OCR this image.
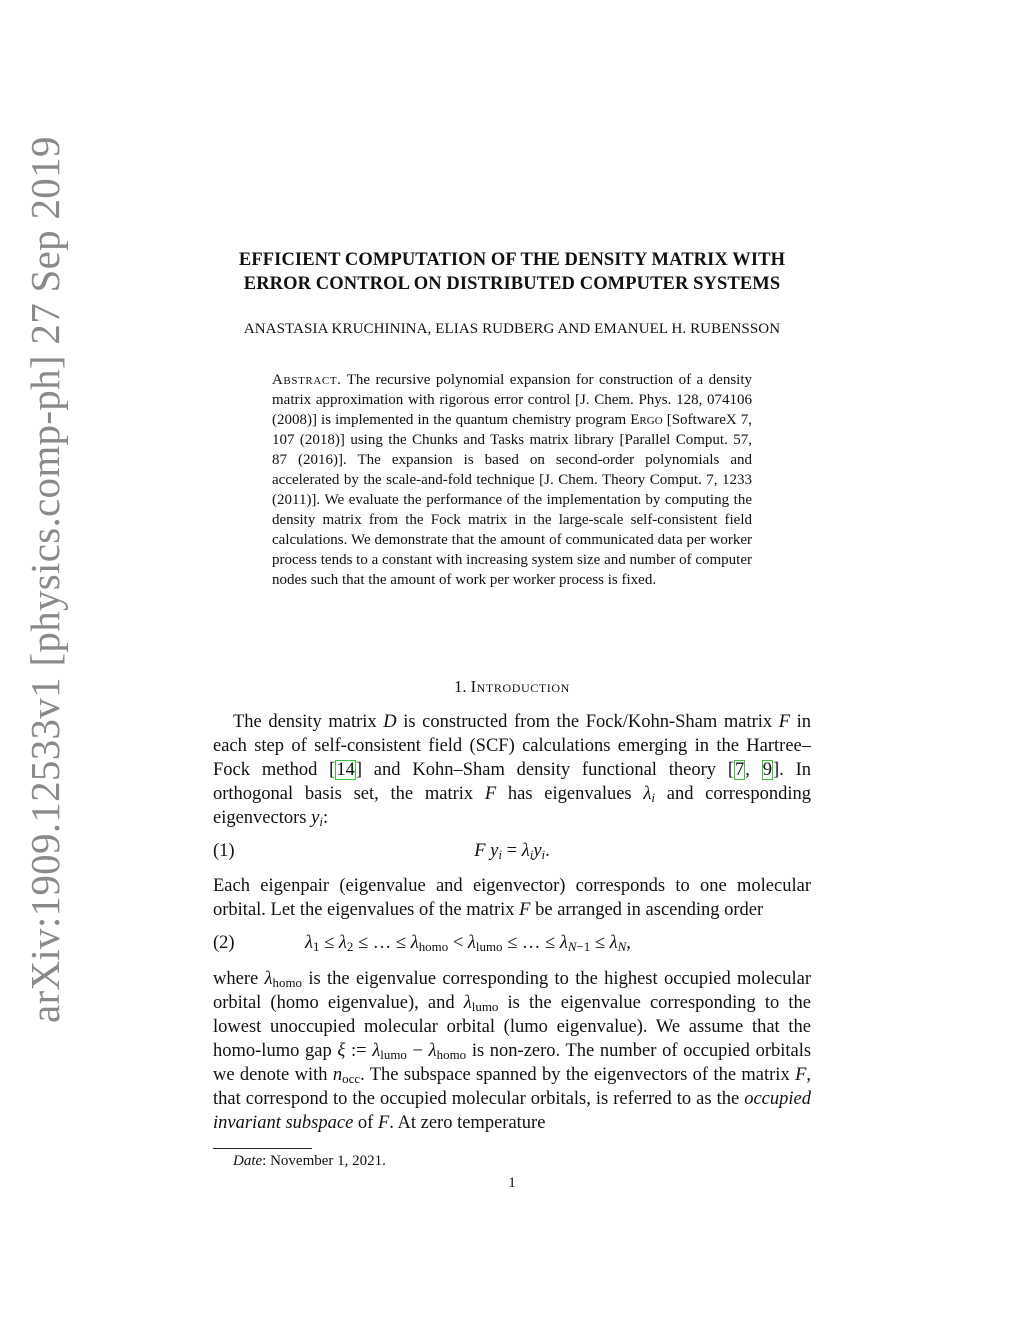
arXiv:1909.12533v1 [physics.comp-ph] 27 Sep 2019	EFFICIENT COMPUTATION OF THE DENSITY MATRIX WITH
ERROR CONTROL ON DISTRIBUTED COMPUTER SYSTEMS
ANASTASIA KRUCHININA, ELIAS RUDBERG AND EMANUEL H. RUBENSSON
Abstract. The recursive polynomial expansion for construction of a density matrix approximation with rigorous error control [J. Chem. Phys. 128, 074106 (2008)] is implemented in the quantum chemistry program Ergo [SoftwareX 7, 107 (2018)] using the Chunks and Tasks matrix library [Parallel Comput. 57, 87 (2016)]. The expansion is based on second-order polynomials and accelerated by the scale-and-fold technique [J. Chem. Theory Comput. 7, 1233 (2011)]. We evaluate the performance of the implementation by computing the density matrix from the Fock matrix in the large-scale self-consistent field calculations. We demonstrate that the amount of communicated data per worker process tends to a constant with increasing system size and number of computer nodes such that the amount of work per worker process is fixed.
1. Introduction
The density matrix D is constructed from the Fock/Kohn-Sham matrix F in each step of self-consistent field (SCF) calculations emerging in the Hartree–Fock method [14] and Kohn–Sham density functional theory [7, 9]. In orthogonal basis set, the matrix F has eigenvalues $\lambda_i$ and corresponding eigenvectors $y_i$:
(1)	F $y_i = \lambda_iy_i$.
Each eigenpair (eigenvalue and eigenvector) corresponds to one molecular orbital. Let the eigenvalues of the matrix F be arranged in ascending order
(2)	$\lambda_1 \le \lambda_2$ ≤ … ≤ $\lambda_{homo} < \lambda_{lumo}$ ≤ … ≤ $\lambda_{N-1} \le \lambda_N$,
where $\lambda_{homo}$ is the eigenvalue corresponding to the highest occupied molecular orbital (homo eigenvalue), and $\lambda_{lumo}$ is the eigenvalue corresponding to the lowest unoccupied molecular orbital (lumo eigenvalue). We assume that the homo-lumo gap ξ := $\lambda_{lumo} - \lambda_{homo}$ is non-zero. The number of occupied orbitals we denote with $n_{occ}$. The subspace spanned by the eigenvectors of the matrix F, that correspond to the occupied molecular orbitals, is referred to as the occupied invariant subspace of F. At zero temperature
Date: November 1, 2021.
1
